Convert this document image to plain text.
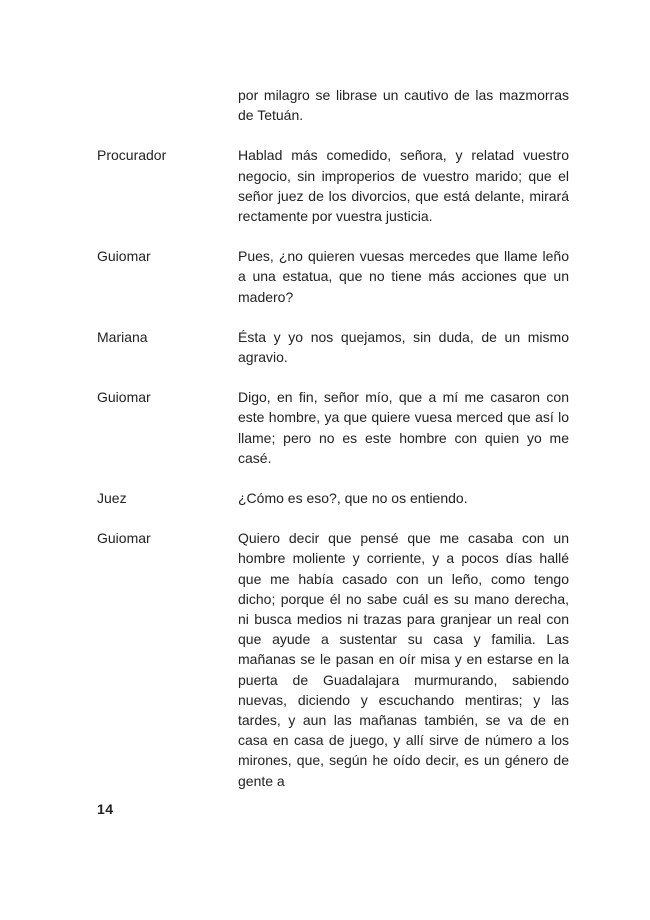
por milagro se librase un cautivo de las mazmorras de Tetuán.
Procurador	Hablad más comedido, señora, y relatad vuestro negocio, sin improperios de vuestro marido; que el señor juez de los divorcios, que está delante, mirará rectamente por vuestra justicia.
Guiomar	Pues, ¿no quieren vuesas mercedes que llame leño a una estatua, que no tiene más acciones que un madero?
Mariana	Ésta y yo nos quejamos, sin duda, de un mismo agravio.
Guiomar	Digo, en fin, señor mío, que a mí me casaron con este hombre, ya que quiere vuesa merced que así lo llame; pero no es este hombre con quien yo me casé.
Juez	¿Cómo es eso?, que no os entiendo.
Guiomar	Quiero decir que pensé que me casaba con un hombre moliente y corriente, y a pocos días hallé que me había casado con un leño, como tengo dicho; porque él no sabe cuál es su mano derecha, ni busca medios ni trazas para granjear un real con que ayude a sustentar su casa y familia. Las mañanas se le pasan en oír misa y en estarse en la puerta de Guadalajara murmurando, sabiendo nuevas, diciendo y escuchando mentiras; y las tardes, y aun las mañanas también, se va de en casa en casa de juego, y allí sirve de número a los mirones, que, según he oído decir, es un género de gente a
14
